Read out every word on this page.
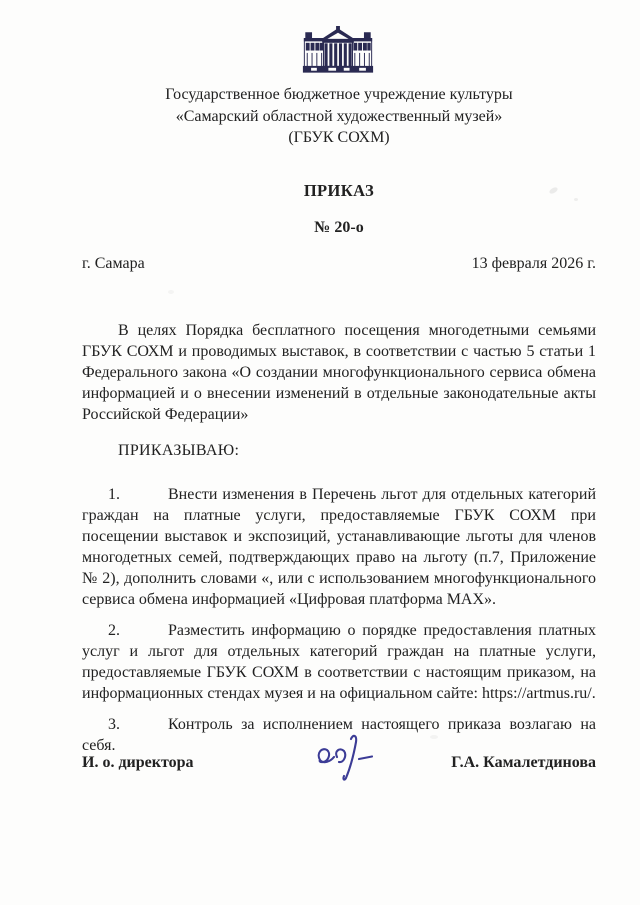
Государственное бюджетное учреждение культуры
«Самарский областной художественный музей»
(ГБУК СОХМ)
ПРИКАЗ
№ 20-о
г. Самара	13 февраля 2026 г.

В целях Порядка бесплатного посещения многодетными семьями ГБУК СОХМ и проводимых выставок, в соответствии с частью 5 статьи 1 Федерального закона «О создании многофункционального сервиса обмена информацией и о внесении изменений в отдельные законодательные акты Российской Федерации»

ПРИКАЗЫВАЮ:

1.	Внести изменения в Перечень льгот для отдельных категорий граждан на платные услуги, предоставляемые ГБУК СОХМ при посещении выставок и экспозиций, устанавливающие льготы для членов многодетных семей, подтверждающих право на льготу (п.7, Приложение № 2), дополнить словами «, или с использованием многофункционального сервиса обмена информацией «Цифровая платформа МАХ».

2.	Разместить информацию о порядке предоставления платных услуг и льгот для отдельных категорий граждан на платные услуги, предоставляемые ГБУК СОХМ в соответствии с настоящим приказом, на информационных стендах музея и на официальном сайте: https://artmus.ru/.

3.	Контроль за исполнением настоящего приказа возлагаю на себя.

И. о. директора	Г.А. Камалетдинова
